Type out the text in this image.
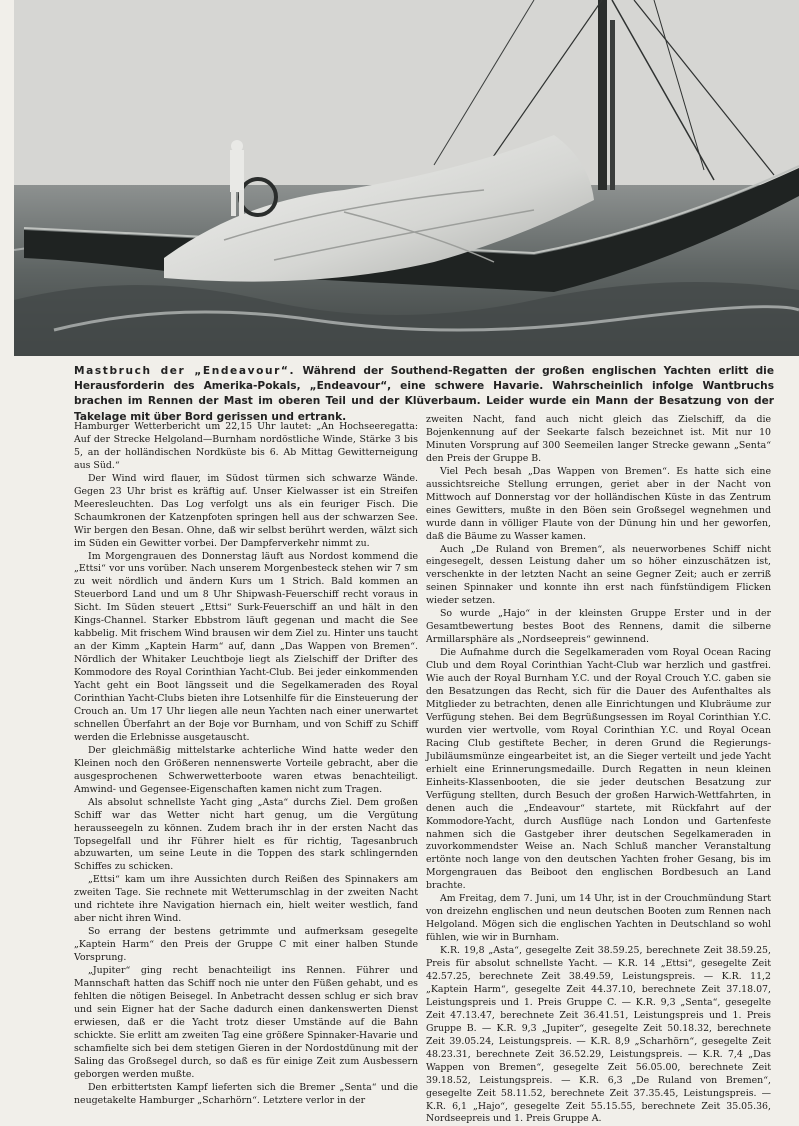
Mastbruch der „Endeavour“. Während der Southend-Regatten der großen englischen Yachten erlitt die Herausforderin des Amerika-Pokals, „Endeavour“, eine schwere Havarie. Wahrscheinlich infolge Wantbruchs brachen im Rennen der Mast im oberen Teil und der Klüverbaum. Leider wurde ein Mann der Besatzung von der Takelage mit über Bord gerissen und ertrank.

Hamburger Wetterbericht um 22,15 Uhr lautet: „An Hochseeregatta: Auf der Strecke Helgoland—Burnham nordöstliche Winde, Stärke 3 bis 5, an der holländischen Nordküste bis 6. Ab Mittag Gewitterneigung aus Süd.“

Der Wind wird flauer, im Südost türmen sich schwarze Wände. Gegen 23 Uhr brist es kräftig auf. Unser Kielwasser ist ein Streifen Meeresleuchten. Das Log verfolgt uns als ein feuriger Fisch. Die Schaumkronen der Katzenpfoten springen hell aus der schwarzen See. Wir bergen den Besan. Ohne, daß wir selbst berührt werden, wälzt sich im Süden ein Gewitter vorbei. Der Dampferverkehr nimmt zu.

Im Morgengrauen des Donnerstag läuft aus Nordost kommend die „Ettsi“ vor uns vorüber. Nach unserem Morgenbesteck stehen wir 7 sm zu weit nördlich und ändern Kurs um 1 Strich. Bald kommen an Steuerbord Land und um 8 Uhr Shipwash-Feuerschiff recht voraus in Sicht. Im Süden steuert „Ettsi“ Surk-Feuerschiff an und hält in den Kings-Channel. Starker Ebbstrom läuft gegenan und macht die See kabbelig. Mit frischem Wind brausen wir dem Ziel zu. Hinter uns taucht an der Kimm „Kaptein Harm“ auf, dann „Das Wappen von Bremen“. Nördlich der Whitaker Leuchtboje liegt als Zielschiff der Drifter des Kommodore des Royal Corinthian Yacht-Club. Bei jeder einkommenden Yacht geht ein Boot längsseit und die Segelkameraden des Royal Corinthian Yacht-Clubs bieten ihre Lotsenhilfe für die Einsteuerung der Crouch an. Um 17 Uhr liegen alle neun Yachten nach einer unerwartet schnellen Überfahrt an der Boje vor Burnham, und von Schiff zu Schiff werden die Erlebnisse ausgetauscht.

Der gleichmäßig mittelstarke achterliche Wind hatte weder den Kleinen noch den Größeren nennenswerte Vorteile gebracht, aber die ausgesprochenen Schwerwetterboote waren etwas benachteiligt. Amwind- und Gegensee-Eigenschaften kamen nicht zum Tragen.

Als absolut schnellste Yacht ging „Asta“ durchs Ziel. Dem großen Schiff war das Wetter nicht hart genug, um die Vergütung herausseegeln zu können. Zudem brach ihr in der ersten Nacht das Topsegelfall und ihr Führer hielt es für richtig, Tagesanbruch abzuwarten, um seine Leute in die Toppen des stark schlingernden Schiffes zu schicken.

„Ettsi“ kam um ihre Aussichten durch Reißen des Spinnakers am zweiten Tage. Sie rechnete mit Wetterumschlag in der zweiten Nacht und richtete ihre Navigation hiernach ein, hielt weiter westlich, fand aber nicht ihren Wind.

So errang der bestens getrimmte und aufmerksam gesegelte „Kaptein Harm“ den Preis der Gruppe C mit einer halben Stunde Vorsprung.

„Jupiter“ ging recht benachteiligt ins Rennen. Führer und Mannschaft hatten das Schiff noch nie unter den Füßen gehabt, und es fehlten die nötigen Beisegel. In Anbetracht dessen schlug er sich brav und sein Eigner hat der Sache dadurch einen dankenswerten Dienst erwiesen, daß er die Yacht trotz dieser Umstände auf die Bahn schickte. Sie erlitt am zweiten Tag eine größere Spinnaker-Havarie und schamfielte sich bei dem stetigen Gieren in der Nordostdünung mit der Saling das Großsegel durch, so daß es für einige Zeit zum Ausbessern geborgen werden mußte.

Den erbittertsten Kampf lieferten sich die Bremer „Senta“ und die neugetakelte Hamburger „Scharhörn“. Letztere verlor in der

zweiten Nacht, fand auch nicht gleich das Zielschiff, da die Bojenkennung auf der Seekarte falsch bezeichnet ist. Mit nur 10 Minuten Vorsprung auf 300 Seemeilen langer Strecke gewann „Senta“ den Preis der Gruppe B.

Viel Pech besah „Das Wappen von Bremen“. Es hatte sich eine aussichtsreiche Stellung errungen, geriet aber in der Nacht von Mittwoch auf Donnerstag vor der holländischen Küste in das Zentrum eines Gewitters, mußte in den Böen sein Großsegel wegnehmen und wurde dann in völliger Flaute von der Dünung hin und her geworfen, daß die Bäume zu Wasser kamen.

Auch „De Ruland von Bremen“, als neuerworbenes Schiff nicht eingesegelt, dessen Leistung daher um so höher einzuschätzen ist, verschenkte in der letzten Nacht an seine Gegner Zeit; auch er zerriß seinen Spinnaker und konnte ihn erst nach fünfstündigem Flicken wieder setzen.

So wurde „Hajo“ in der kleinsten Gruppe Erster und in der Gesamtbewertung bestes Boot des Rennens, damit die silberne Armillarsphäre als „Nordseepreis“ gewinnend.

Die Aufnahme durch die Segelkameraden vom Royal Ocean Racing Club und dem Royal Corinthian Yacht-Club war herzlich und gastfrei. Wie auch der Royal Burnham Y.C. und der Royal Crouch Y.C. gaben sie den Besatzungen das Recht, sich für die Dauer des Aufenthaltes als Mitglieder zu betrachten, denen alle Einrichtungen und Klubräume zur Verfügung stehen. Bei dem Begrüßungsessen im Royal Corinthian Y.C. wurden vier wertvolle, vom Royal Corinthian Y.C. und Royal Ocean Racing Club gestiftete Becher, in deren Grund die Regierungs-Jubiläumsmünze eingearbeitet ist, an die Sieger verteilt und jede Yacht erhielt eine Erinnerungsmedaille. Durch Regatten in neun kleinen Einheits-Klassenbooten, die sie jeder deutschen Besatzung zur Verfügung stellten, durch Besuch der großen Harwich-Wettfahrten, in denen auch die „Endeavour“ startete, mit Rückfahrt auf der Kommodore-Yacht, durch Ausflüge nach London und Gartenfeste nahmen sich die Gastgeber ihrer deutschen Segelkameraden in zuvorkommendster Weise an. Nach Schluß mancher Veranstaltung ertönte noch lange von den deutschen Yachten froher Gesang, bis im Morgengrauen das Beiboot den englischen Bordbesuch an Land brachte.

Am Freitag, dem 7. Juni, um 14 Uhr, ist in der Crouchmündung Start von dreizehn englischen und neun deutschen Booten zum Rennen nach Helgoland. Mögen sich die englischen Yachten in Deutschland so wohl fühlen, wie wir in Burnham.

K.R. 19,8 „Asta“, gesegelte Zeit 38.59.25, berechnete Zeit 38.59.25, Preis für absolut schnellste Yacht. — K.R. 14 „Ettsi“, gesegelte Zeit 42.57.25, berechnete Zeit 38.49.59, Leistungspreis. — K.R. 11,2 „Kaptein Harm“, gesegelte Zeit 44.37.10, berechnete Zeit 37.18.07, Leistungspreis und 1. Preis Gruppe C. — K.R. 9,3 „Senta“, gesegelte Zeit 47.13.47, berechnete Zeit 36.41.51, Leistungspreis und 1. Preis Gruppe B. — K.R. 9,3 „Jupiter“, gesegelte Zeit 50.18.32, berechnete Zeit 39.05.24, Leistungspreis. — K.R. 8,9 „Scharhörn“, gesegelte Zeit 48.23.31, berechnete Zeit 36.52.29, Leistungspreis. — K.R. 7,4 „Das Wappen von Bremen“, gesegelte Zeit 56.05.00, berechnete Zeit 39.18.52, Leistungspreis. — K.R. 6,3 „De Ruland von Bremen“, gesegelte Zeit 58.11.52, berechnete Zeit 37.35.45, Leistungspreis. — K.R. 6,1 „Hajo“, gesegelte Zeit 55.15.55, berechnete Zeit 35.05.36, Nordseepreis und 1. Preis Gruppe A.
